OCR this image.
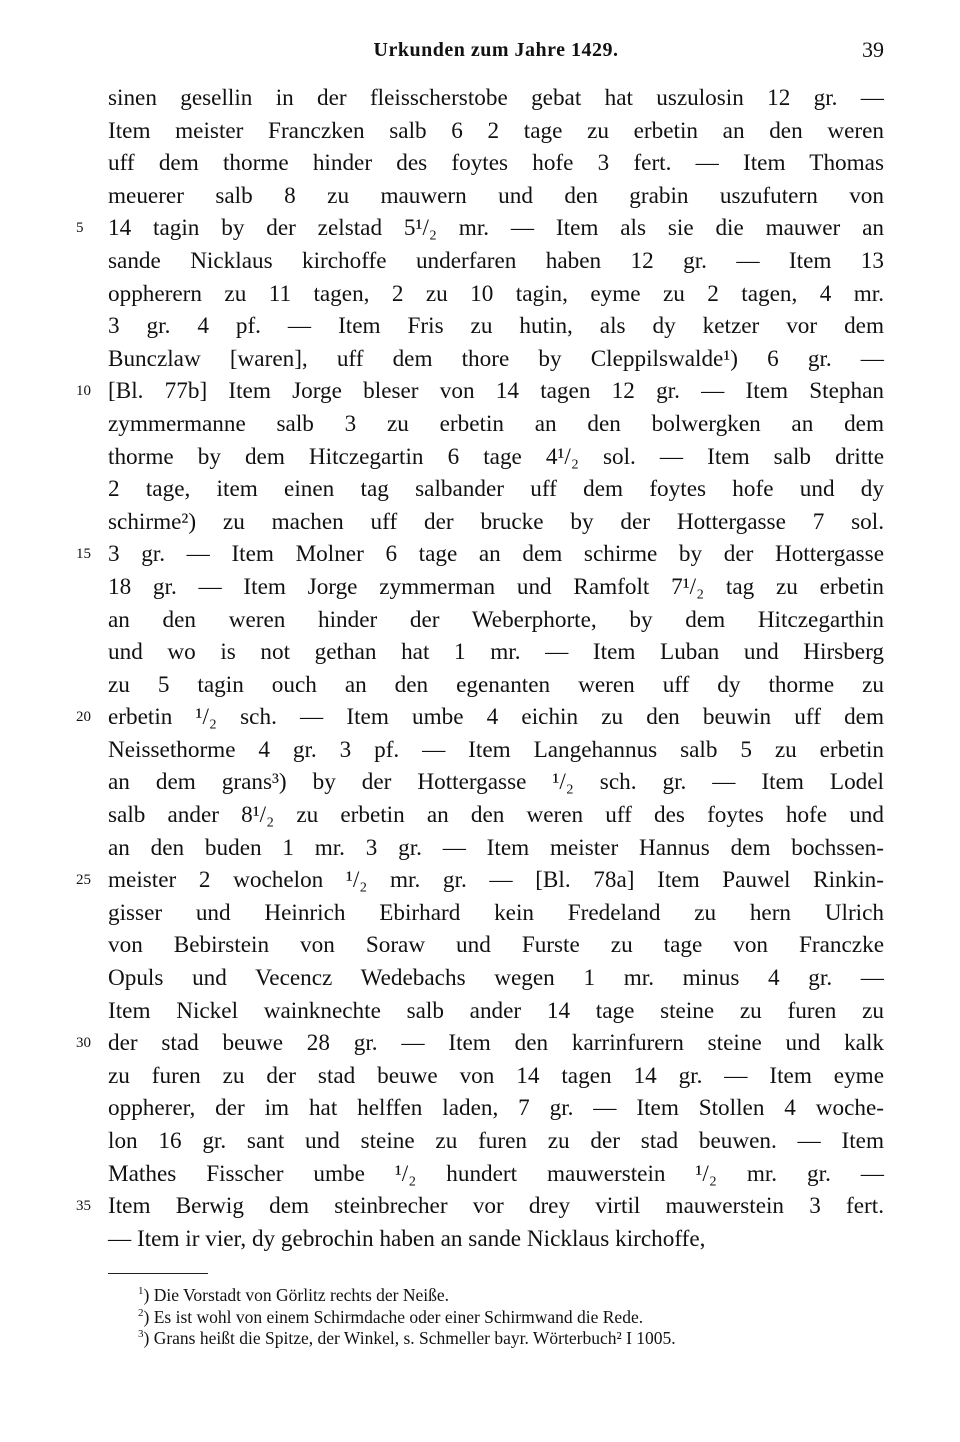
Urkunden zum Jahre 1429.	39
sinen gesellin in der fleisscherstobe gebat hat uszulosin 12 gr. —
Item meister Franczken salb 6 2 tage zu erbetin an den weren
uff dem thorme hinder des foytes hofe 3 fert. — Item Thomas
meuerer salb 8 zu mauwern und den grabin uszufutern von
5	14 tagin by der zelstad 5¹/₂ mr. — Item als sie die mauwer an
sande Nicklaus kirchoffe underfaren haben 12 gr. — Item 13
oppherern zu 11 tagen, 2 zu 10 tagin, eyme zu 2 tagen, 4 mr.
3 gr. 4 pf. — Item Fris zu hutin, als dy ketzer vor dem
Bunczlaw [waren], uff dem thore by Cleppilswalde¹) 6 gr. —
10 [Bl. 77b] Item Jorge bleser von 14 tagen 12 gr. — Item Stephan
zymmermanne salb 3 zu erbetin an den bolwergken an dem
thorme by dem Hitczegartin 6 tage 4¹/₂ sol. — Item salb dritte
2 tage, item einen tag salbander uff dem foytes hofe und dy
schirme²) zu machen uff der brucke by der Hottergasse 7 sol.
15 3 gr. — Item Molner 6 tage an dem schirme by der Hottergasse
18 gr. — Item Jorge zymmerman und Ramfolt 7¹/₂ tag zu erbetin
an den weren hinder der Weberphorte, by dem Hitczegarthin
und wo is not gethan hat 1 mr. — Item Luban und Hirsberg
zu 5 tagin ouch an den egenanten weren uff dy thorme zu
20 erbetin ¹/₂ sch. — Item umbe 4 eichin zu den beuwin uff dem
Neissethorme 4 gr. 3 pf. — Item Langehannus salb 5 zu erbetin
an dem grans³) by der Hottergasse ¹/₂ sch. gr. — Item Lodel
salb ander 8¹/₂ zu erbetin an den weren uff des foytes hofe und
an den buden 1 mr. 3 gr. — Item meister Hannus dem bochssen-
25 meister 2 wochelon ¹/₂ mr. gr. — [Bl. 78a] Item Pauwel Rinkin-
gisser und Heinrich Ebirhard kein Fredeland zu hern Ulrich
von Bebirstein von Soraw und Furste zu tage von Franczke
Opuls und Vecencz Wedebachs wegen 1 mr. minus 4 gr. —
Item Nickel wainknechte salb ander 14 tage steine zu furen zu
30 der stad beuwe 28 gr. — Item den karrinfurern steine und kalk
zu furen zu der stad beuwe von 14 tagen 14 gr. — Item eyme
oppherer, der im hat helffen laden, 7 gr. — Item Stollen 4 woche-
lon 16 gr. sant und steine zu furen zu der stad beuwen. — Item
Mathes Fisscher umbe ¹/₂ hundert mauwerstein ¹/₂ mr. gr. —
35 Item Berwig dem steinbrecher vor drey virtil mauwerstein 3 fert.
— Item ir vier, dy gebrochin haben an sande Nicklaus kirchoffe,
$^1$) Die Vorstadt von Görlitz rechts der Neiße.
$^2$) Es ist wohl von einem Schirmdache oder einer Schirmwand die Rede.
$^3$) Grans heißt die Spitze, der Winkel, s. Schmeller bayr. Wörterbuch² I 1005.
